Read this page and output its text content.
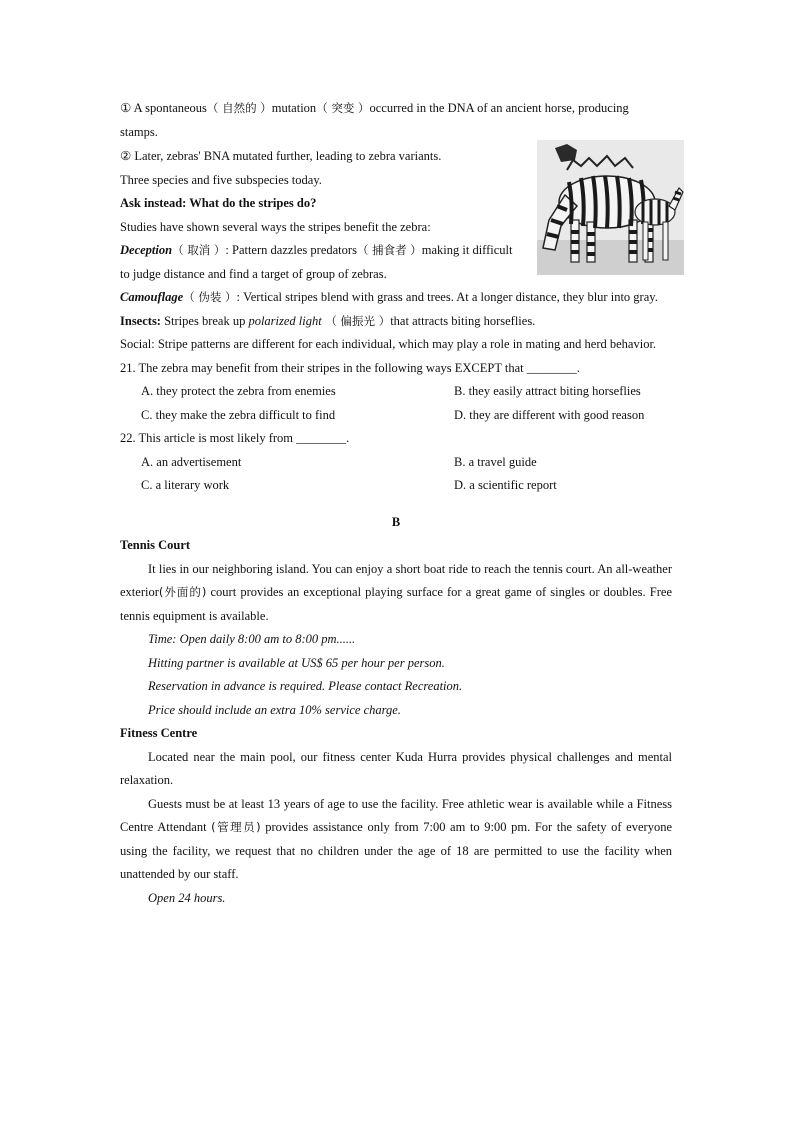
① A spontaneous（ 自然的 ）mutation（ 突变 ）occurred in the DNA of an ancient horse, producing

stamps.

② Later, zebras' BNA mutated further, leading to zebra variants.

Three species and five subspecies today.

Ask instead: What do the stripes do?

Studies have shown several ways the stripes benefit the zebra:

Deception（ 取消 ）: Pattern dazzles predators（ 捕食者 ）making it difficult

to judge distance and find a target of group of zebras.

Camouflage（ 伪装 ）: Vertical stripes blend with grass and trees. At a longer distance, they blur into gray.

Insects: Stripes break up polarized light （ 偏振光 ）that attracts biting horseflies.

Social: Stripe patterns are different for each individual, which may play a role in mating and herd behavior.

21. The zebra may benefit from their stripes in the following ways EXCEPT that ________.

A. they protect the zebra from enemies	B. they easily attract biting horseflies
C. they make the zebra difficult to find	D. they are different with good reason

22. This article is most likely from ________.

A. an advertisement	B. a travel guide
C. a literary work	D. a scientific report

B

Tennis Court

It lies in our neighboring island. You can enjoy a short boat ride to reach the tennis court. An all-weather exterior(外面的) court provides an exceptional playing surface for a great game of singles or doubles. Free tennis equipment is available.

Time: Open daily 8:00 am to 8:00 pm......

Hitting partner is available at US$ 65 per hour per person.

Reservation in advance is required. Please contact Recreation.

Price should include an extra 10% service charge.

Fitness Centre

Located near the main pool, our fitness center Kuda Hurra provides physical challenges and mental relaxation.

Guests must be at least 13 years of age to use the facility. Free athletic wear is available while a Fitness Centre Attendant (管理员) provides assistance only from 7:00 am to 9:00 pm. For the safety of everyone using the facility, we request that no children under the age of 18 are permitted to use the facility when unattended by our staff.

Open 24 hours.
